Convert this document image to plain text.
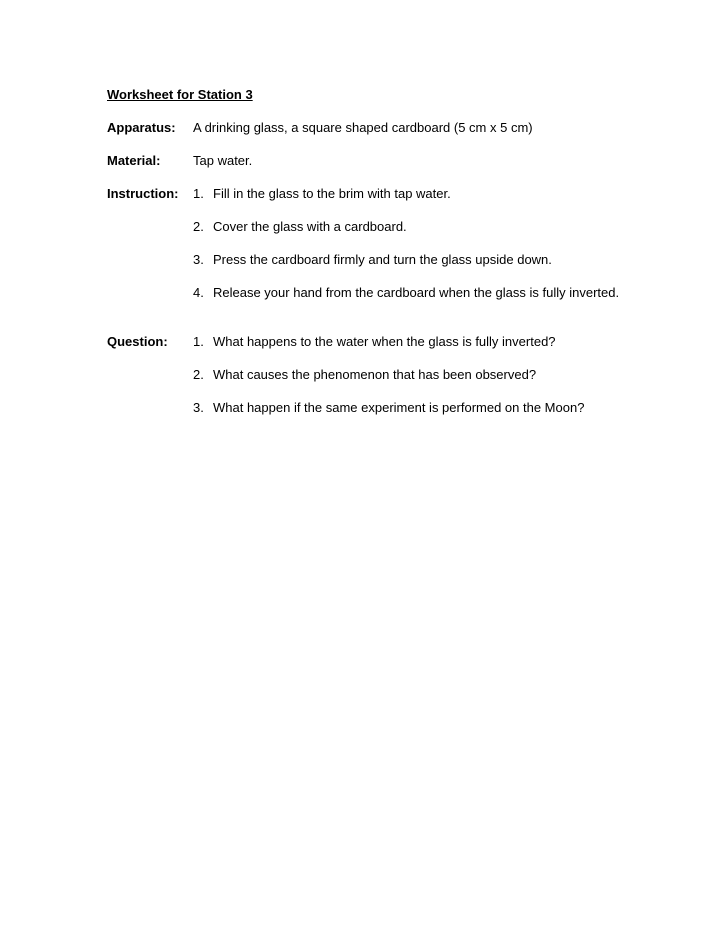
Worksheet for Station 3
Apparatus: A drinking glass, a square shaped cardboard (5 cm x 5 cm)
Material:	Tap water.
Instruction: 1. Fill in the glass to the brim with tap water.
2. Cover the glass with a cardboard.
3. Press the cardboard firmly and turn the glass upside down.
4. Release your hand from the cardboard when the glass is fully inverted.
Question: 1. What happens to the water when the glass is fully inverted?
2. What causes the phenomenon that has been observed?
3. What happen if the same experiment is performed on the Moon?
